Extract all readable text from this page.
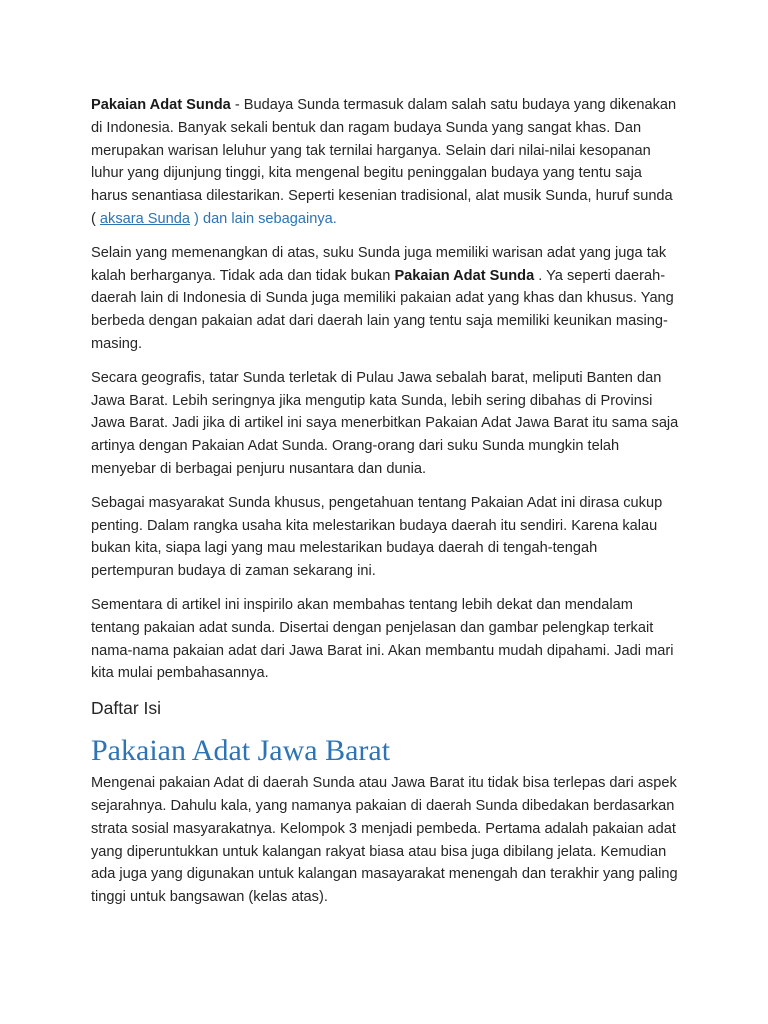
Pakaian Adat Sunda - Budaya Sunda termasuk dalam salah satu budaya yang dikenakan di Indonesia. Banyak sekali bentuk dan ragam budaya Sunda yang sangat khas. Dan merupakan warisan leluhur yang tak ternilai harganya. Selain dari nilai-nilai kesopanan luhur yang dijunjung tinggi, kita mengenal begitu peninggalan budaya yang tentu saja harus senantiasa dilestarikan. Seperti kesenian tradisional, alat musik Sunda, huruf sunda ( aksara Sunda ) dan lain sebagainya.

Selain yang memenangkan di atas, suku Sunda juga memiliki warisan adat yang juga tak kalah berharganya. Tidak ada dan tidak bukan Pakaian Adat Sunda . Ya seperti daerah-daerah lain di Indonesia di Sunda juga memiliki pakaian adat yang khas dan khusus. Yang berbeda dengan pakaian adat dari daerah lain yang tentu saja memiliki keunikan masing-masing.

Secara geografis, tatar Sunda terletak di Pulau Jawa sebalah barat, meliputi Banten dan Jawa Barat. Lebih seringnya jika mengutip kata Sunda, lebih sering dibahas di Provinsi Jawa Barat. Jadi jika di artikel ini saya menerbitkan Pakaian Adat Jawa Barat itu sama saja artinya dengan Pakaian Adat Sunda. Orang-orang dari suku Sunda mungkin telah menyebar di berbagai penjuru nusantara dan dunia.

Sebagai masyarakat Sunda khusus, pengetahuan tentang Pakaian Adat ini dirasa cukup penting. Dalam rangka usaha kita melestarikan budaya daerah itu sendiri. Karena kalau bukan kita, siapa lagi yang mau melestarikan budaya daerah di tengah-tengah pertempuran budaya di zaman sekarang ini.

Sementara di artikel ini inspirilo akan membahas tentang lebih dekat dan mendalam tentang pakaian adat sunda. Disertai dengan penjelasan dan gambar pelengkap terkait nama-nama pakaian adat dari Jawa Barat ini. Akan membantu mudah dipahami. Jadi mari kita mulai pembahasannya.

Daftar Isi
Pakaian Adat Jawa Barat

Mengenai pakaian Adat di daerah Sunda atau Jawa Barat itu tidak bisa terlepas dari aspek sejarahnya. Dahulu kala, yang namanya pakaian di daerah Sunda dibedakan berdasarkan strata sosial masyarakatnya. Kelompok 3 menjadi pembeda. Pertama adalah pakaian adat yang diperuntukkan untuk kalangan rakyat biasa atau bisa juga dibilang jelata. Kemudian ada juga yang digunakan untuk kalangan masayarakat menengah dan terakhir yang paling tinggi untuk bangsawan (kelas atas).
